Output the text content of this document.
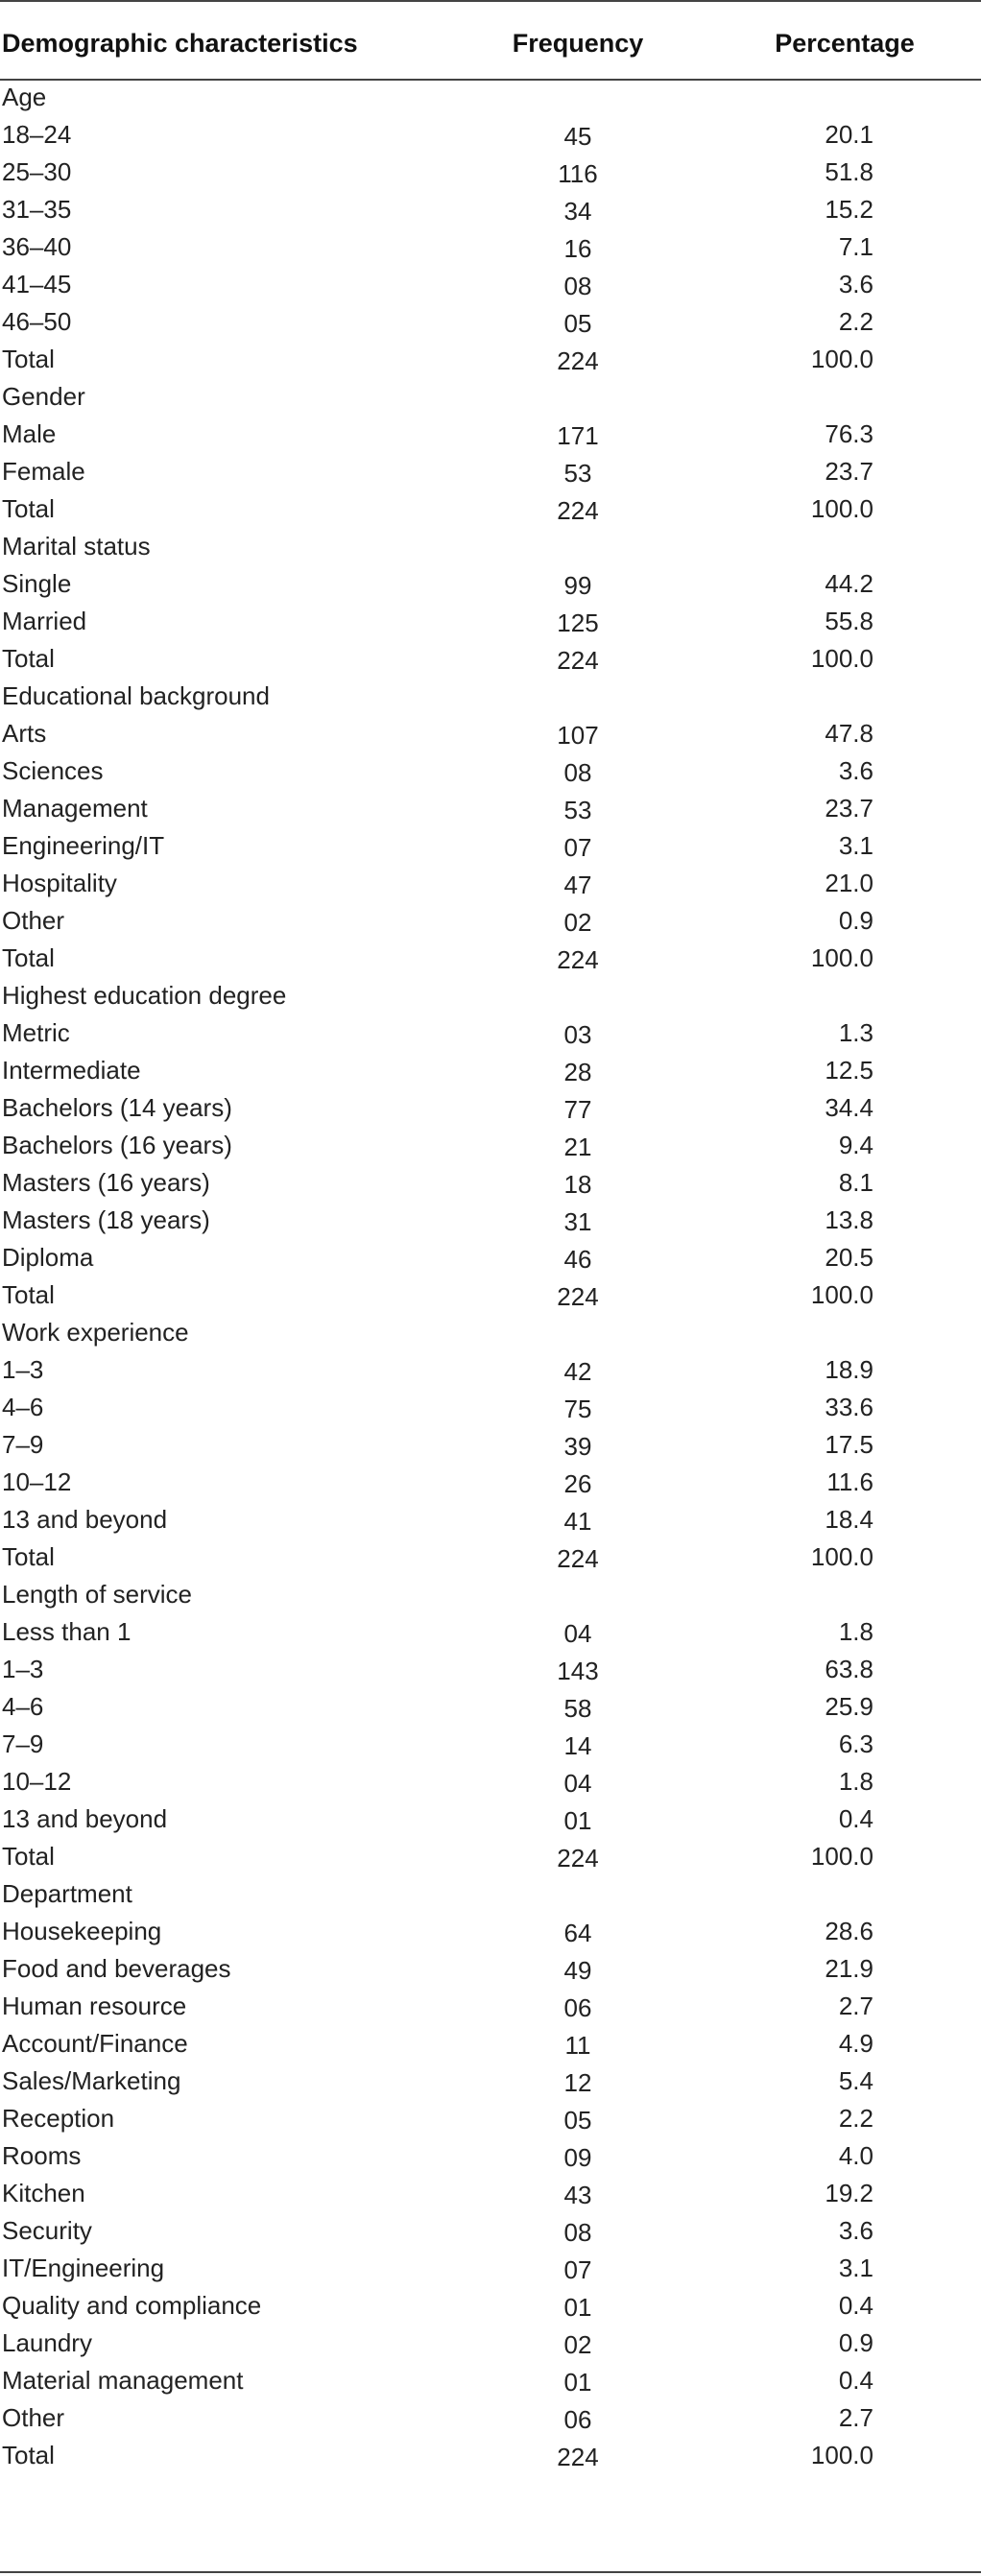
Demographic characteristics	Frequency	Percentage
Age
18–24	45	20.1
25–30	116	51.8
31–35	34	15.2
36–40	16	7.1
41–45	08	3.6
46–50	05	2.2
Total	224	100.0
Gender
Male	171	76.3
Female	53	23.7
Total	224	100.0
Marital status
Single	99	44.2
Married	125	55.8
Total	224	100.0
Educational background
Arts	107	47.8
Sciences	08	3.6
Management	53	23.7
Engineering/IT	07	3.1
Hospitality	47	21.0
Other	02	0.9
Total	224	100.0
Highest education degree
Metric	03	1.3
Intermediate	28	12.5
Bachelors (14 years)	77	34.4
Bachelors (16 years)	21	9.4
Masters (16 years)	18	8.1
Masters (18 years)	31	13.8
Diploma	46	20.5
Total	224	100.0
Work experience
1–3	42	18.9
4–6	75	33.6
7–9	39	17.5
10–12	26	11.6
13 and beyond	41	18.4
Total	224	100.0
Length of service
Less than 1	04	1.8
1–3	143	63.8
4–6	58	25.9
7–9	14	6.3
10–12	04	1.8
13 and beyond	01	0.4
Total	224	100.0
Department
Housekeeping	64	28.6
Food and beverages	49	21.9
Human resource	06	2.7
Account/Finance	11	4.9
Sales/Marketing	12	5.4
Reception	05	2.2
Rooms	09	4.0
Kitchen	43	19.2
Security	08	3.6
IT/Engineering	07	3.1
Quality and compliance	01	0.4
Laundry	02	0.9
Material management	01	0.4
Other	06	2.7
Total	224	100.0
